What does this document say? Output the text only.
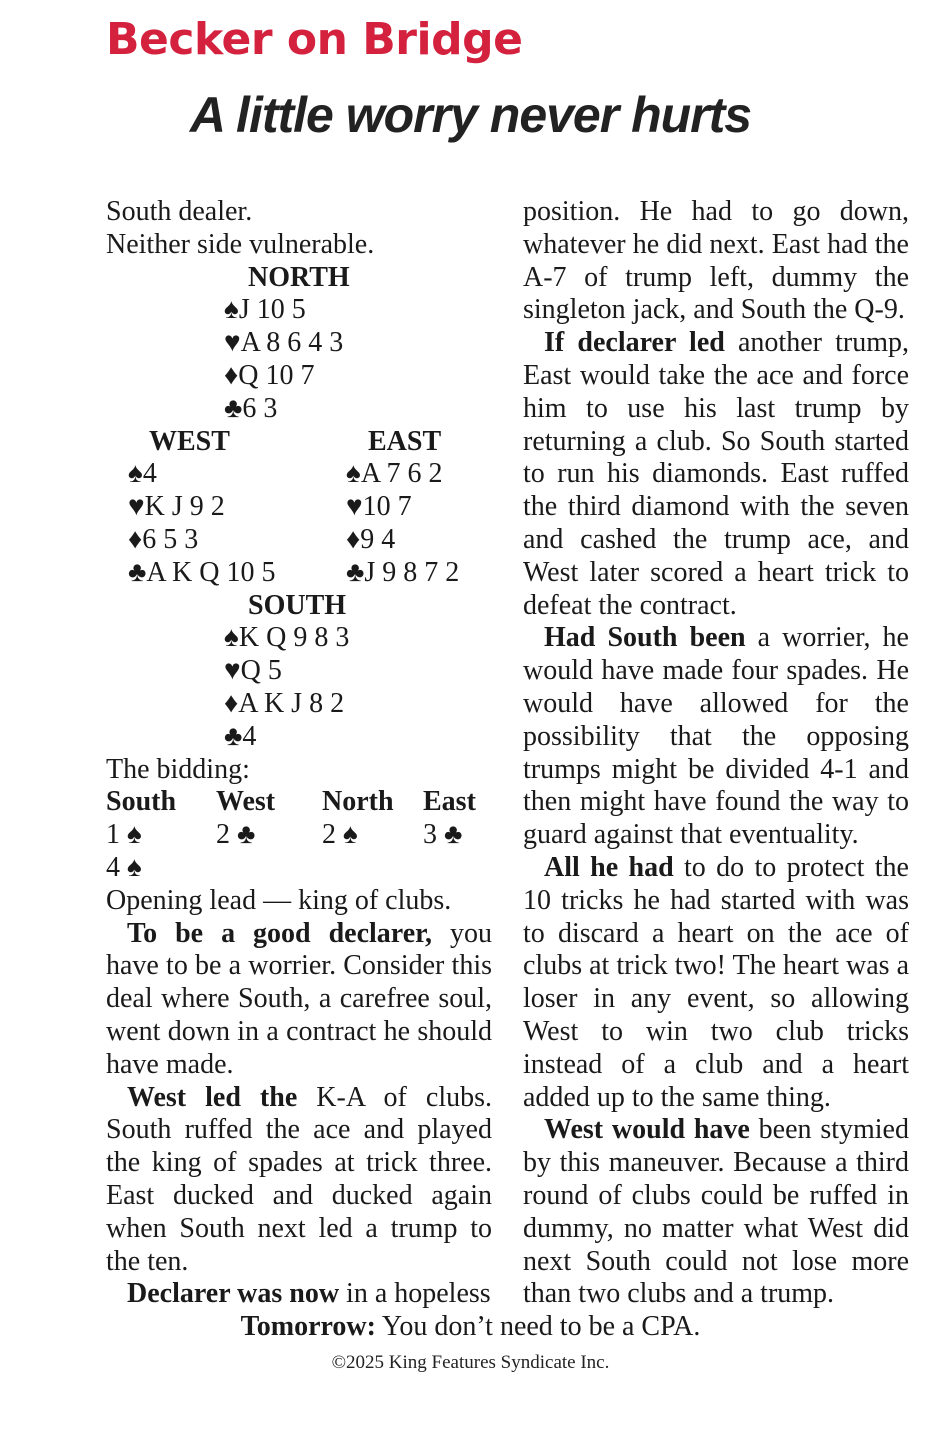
Becker on Bridge
A little worry never hurts
South dealer.
Neither side vulnerable.
NORTH
♠J 10 5
♥A 8 6 4 3
♦Q 10 7
♣6 3
WEST	EAST
♠4	♠A 7 6 2
♥K J 9 2	♥10 7
♦6 5 3	♦9 4
♣A K Q 10 5	♣J 9 8 7 2
SOUTH
♠K Q 9 8 3
♥Q 5
♦A K J 8 2
♣4
The bidding:
South	West	North	East
1 ♠	2 ♣	2 ♠	3 ♣
4 ♠
Opening lead — king of clubs.

To be a good declarer, you have to be a worrier. Consider this deal where South, a carefree soul, went down in a contract he should have made.

West led the K-A of clubs. South ruffed the ace and played the king of spades at trick three. East ducked and ducked again when South next led a trump to the ten.

Declarer was now in a hopeless

position. He had to go down, whatever he did next. East had the A-7 of trump left, dummy the singleton jack, and South the Q-9.

If declarer led another trump, East would take the ace and force him to use his last trump by returning a club. So South started to run his diamonds. East ruffed the third diamond with the seven and cashed the trump ace, and West later scored a heart trick to defeat the contract.

Had South been a worrier, he would have made four spades. He would have allowed for the possibility that the opposing trumps might be divided 4-1 and then might have found the way to guard against that eventuality.

All he had to do to protect the 10 tricks he had started with was to discard a heart on the ace of clubs at trick two! The heart was a loser in any event, so allowing West to win two club tricks instead of a club and a heart added up to the same thing.

West would have been stymied by this maneuver. Because a third round of clubs could be ruffed in dummy, no matter what West did next South could not lose more than two clubs and a trump.

Tomorrow: You don’t need to be a CPA.
©2025 King Features Syndicate Inc.
